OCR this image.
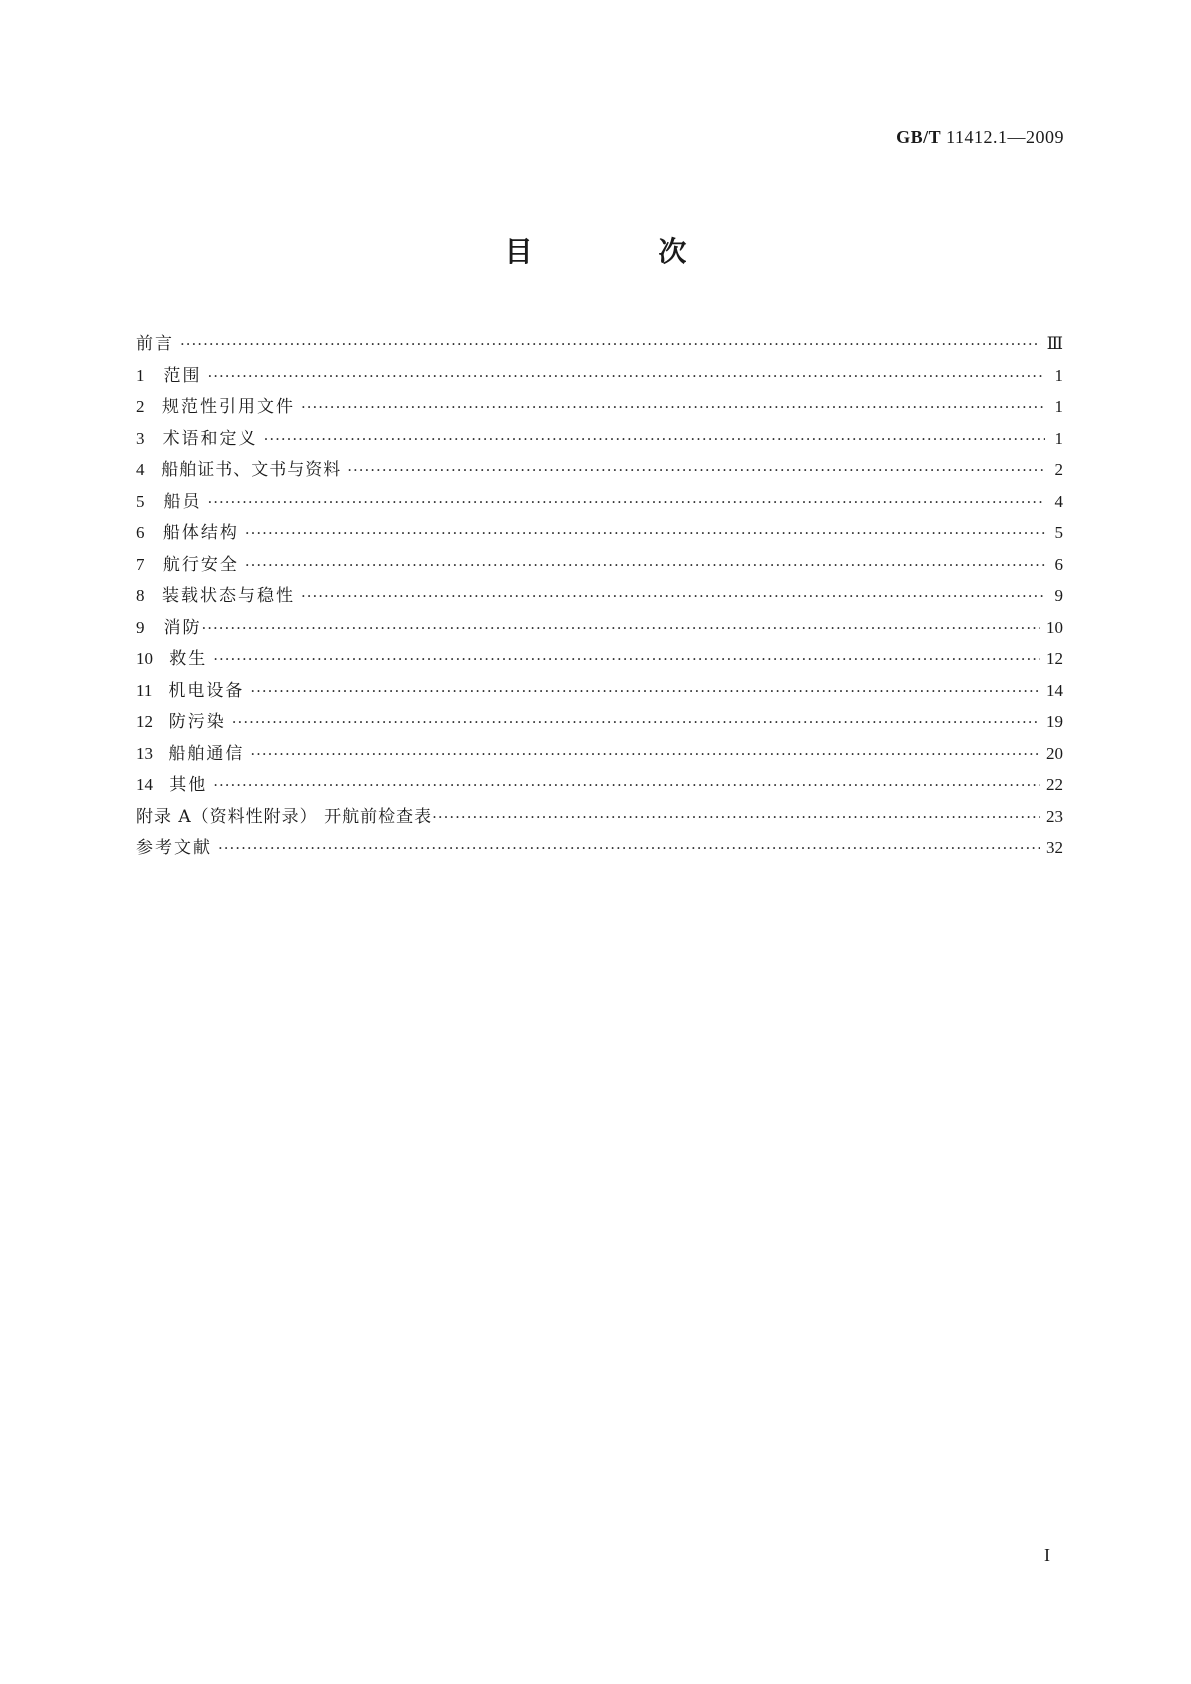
GB/T 11412.1—2009
目 次
前言 ·····	Ⅲ
1 范围 ·····	1
2 规范性引用文件 ·····	1
3 术语和定义 ·····	1
4 船舶证书、文书与资料 ·····	2
5 船员 ·····	4
6 船体结构 ·····	5
7 航行安全 ·····	6
8 装载状态与稳性 ·····	9
9 消防 ·····	10
10 救生 ·····	12
11 机电设备 ·····	14
12 防污染 ·····	19
13 船舶通信 ·····	20
14 其他 ·····	22
附录 A（资料性附录） 开航前检查表 ·····	23
参考文献 ·····	32
I
